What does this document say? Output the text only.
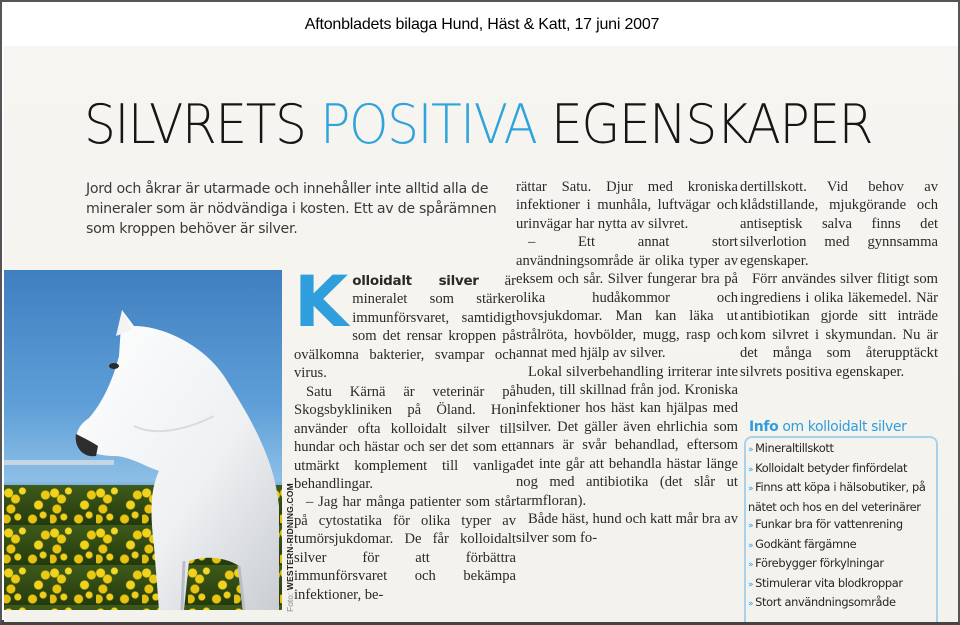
Aftonbladets bilaga Hund, Häst & Katt, 17 juni 2007
SILVRETS POSITIVA EGENSKAPER

Jord och åkrar är utarmade och innehåller inte alltid alla de mineraler som är nödvändiga i kosten. Ett av de spårämnen som kroppen behöver är silver.

Foto: WESTERN-RIDNING.COM

Kolloidalt silver är mineralet som stärker immunförsvaret, samtidigt som det rensar kroppen på ovälkomna bakterier, svampar och virus.

Satu Kärnä är veterinär på Skogsbykliniken på Öland. Hon använder ofta kolloidalt silver till hundar och hästar och ser det som ett utmärkt komplement till vanliga behandlingar.

– Jag har många patienter som står på cytostatika för olika typer av tumörsjukdomar. De får kolloidalt silver för att förbättra immunförsvaret och bekämpa infektioner, be-

rättar Satu. Djur med kroniska infektioner i munhåla, luftvägar och urinvägar har nytta av silvret.

– Ett annat stort användningsområde är olika typer av eksem och sår. Silver fungerar bra på olika hudåkommor och hovsjukdomar. Man kan läka ut strålröta, hovbölder, mugg, rasp och annat med hjälp av silver.

Lokal silverbehandling irriterar inte huden, till skillnad från jod. Kroniska infektioner hos häst kan hjälpas med silver. Det gäller även ehrlichia som annars är svår behandlad, eftersom det inte går att behandla hästar länge nog med antibiotika (det slår ut tarmfloran).

Både häst, hund och katt mår bra av silver som fo-

dertillskott. Vid behov av klådstillande, mjukgörande och antiseptisk salva finns det silverlotion med gynnsamma egenskaper.

Förr användes silver flitigt som ingrediens i olika läkemedel. När antibiotikan gjorde sitt inträde kom silvret i skymundan. Nu är det många som återupptäckt silvrets positiva egenskaper.

Info om kolloidalt silver
» Mineraltillskott
» Kolloidalt betyder finfördelat
» Finns att köpa i hälsobutiker, på nätet och hos en del veterinärer
» Funkar bra för vattenrening
» Godkänt färgämne
» Förebygger förkylningar
» Stimulerar vita blodkroppar
» Stort användningsområde
